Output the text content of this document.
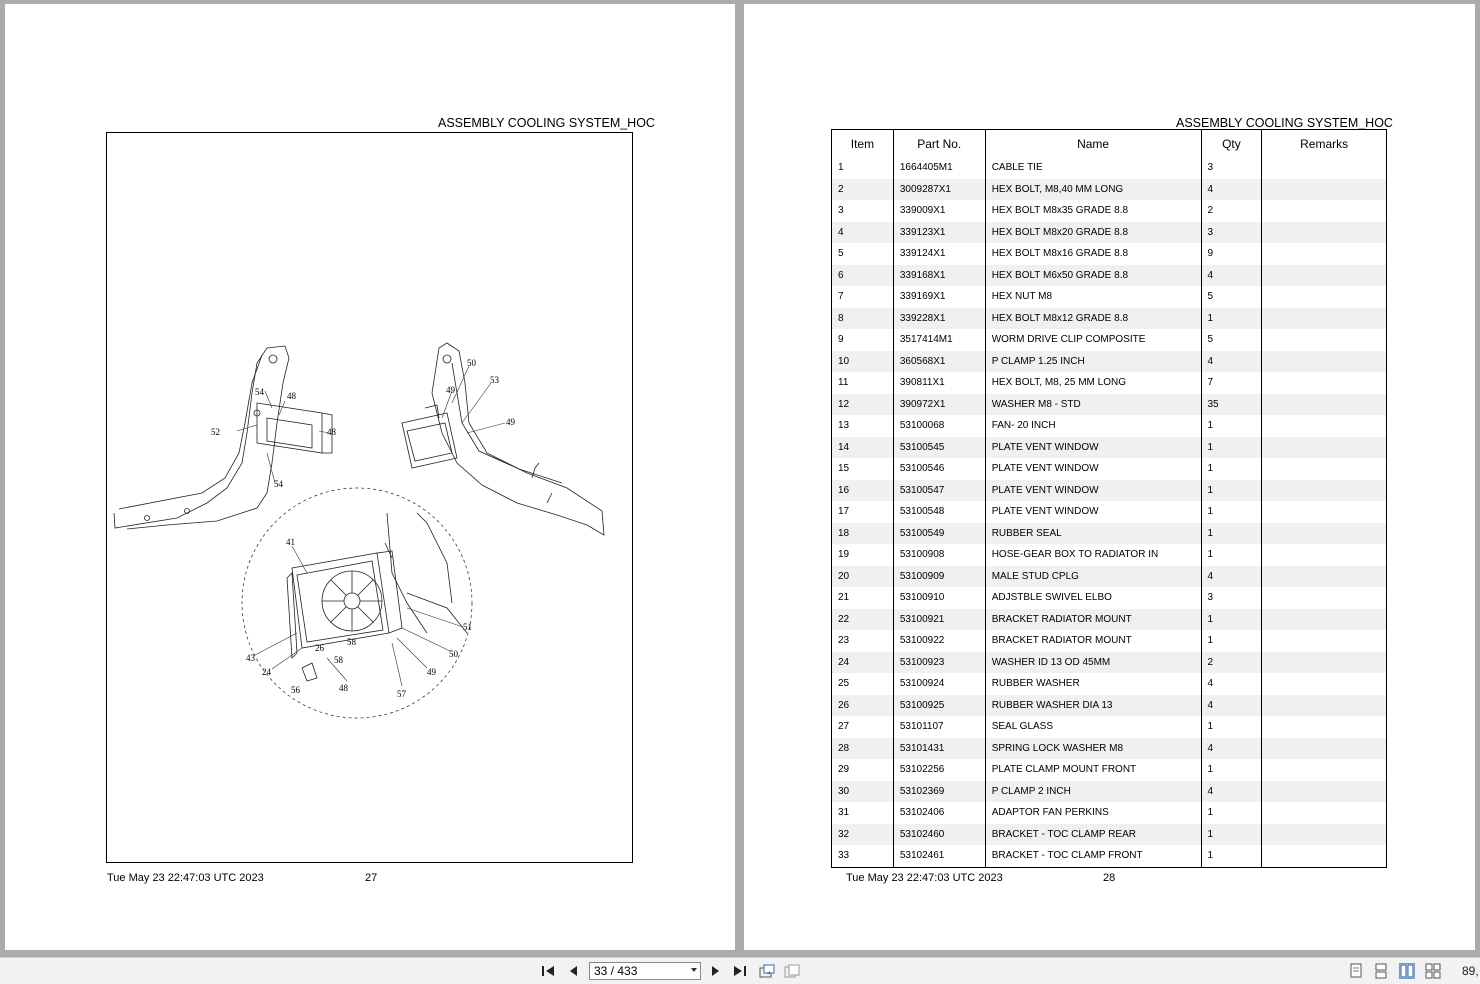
ASSEMBLY COOLING SYSTEM_HOC
54	48
52	48
54
50
49
53
49
41
51
50
43
58
26
58
24
56	48
49
57
Tue May 23 22:47:03 UTC 2023	27
ASSEMBLY COOLING SYSTEM_HOC
Item	Part No.	Name	Qty	Remarks
1	1664405M1	CABLE TIE	3	
2	3009287X1	HEX BOLT, M8,40 MM LONG	4	
3	339009X1	HEX BOLT M8x35 GRADE 8.8	2	
4	339123X1	HEX BOLT M8x20 GRADE 8.8	3	
5	339124X1	HEX BOLT M8x16 GRADE 8.8	9	
6	339168X1	HEX BOLT M6x50 GRADE 8.8	4	
7	339169X1	HEX NUT M8	5	
8	339228X1	HEX BOLT M8x12 GRADE 8.8	1	
9	3517414M1	WORM DRIVE CLIP COMPOSITE	5	
10	360568X1	P CLAMP 1.25 INCH	4	
11	390811X1	HEX BOLT, M8, 25 MM LONG	7	
12	390972X1	WASHER M8 - STD	35	
13	53100068	FAN- 20 INCH	1	
14	53100545	PLATE VENT WINDOW	1	
15	53100546	PLATE VENT WINDOW	1	
16	53100547	PLATE VENT WINDOW	1	
17	53100548	PLATE VENT WINDOW	1	
18	53100549	RUBBER SEAL	1	
19	53100908	HOSE-GEAR BOX TO RADIATOR IN	1	
20	53100909	MALE STUD CPLG	4	
21	53100910	ADJSTBLE SWIVEL ELBO	3	
22	53100921	BRACKET RADIATOR MOUNT	1	
23	53100922	BRACKET RADIATOR MOUNT	1	
24	53100923	WASHER ID 13 OD 45MM	2	
25	53100924	RUBBER WASHER	4	
26	53100925	RUBBER WASHER DIA 13	4	
27	53101107	SEAL GLASS	1	
28	53101431	SPRING LOCK WASHER M8	4	
29	53102256	PLATE CLAMP MOUNT FRONT	1	
30	53102369	P CLAMP 2 INCH	4	
31	53102406	ADAPTOR FAN PERKINS	1	
32	53102460	BRACKET - TOC CLAMP REAR	1	
33	53102461	BRACKET - TOC CLAMP FRONT	1	
Tue May 23 22:47:03 UTC 2023	28
33 / 433	89,
